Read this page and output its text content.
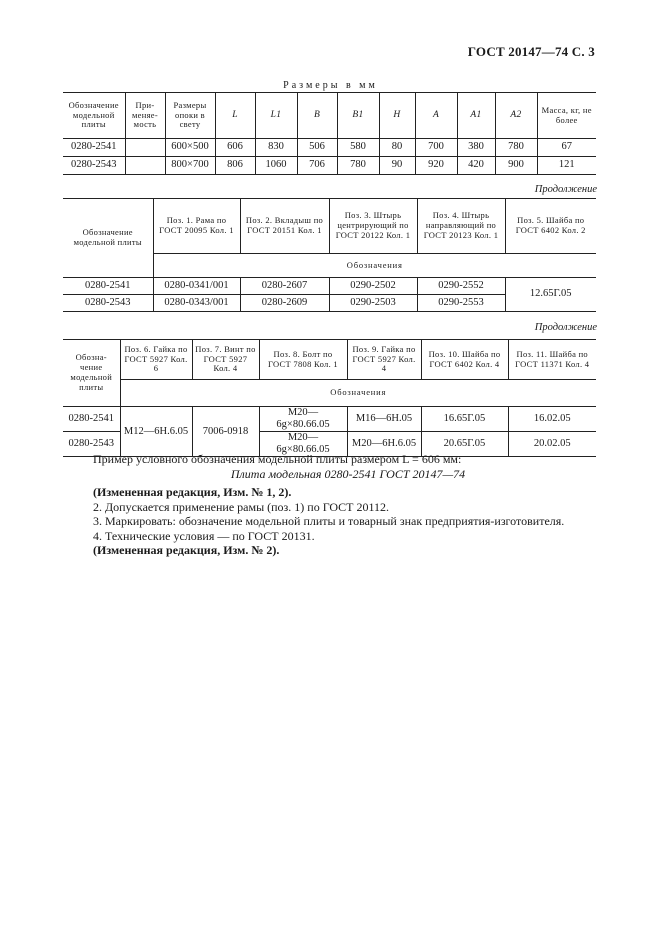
ГОСТ 20147—74 С. 3
Размеры в мм
Обозначение модельной плиты	При-меняе-мость	Размеры опоки в свету	L	L1	B	B1	H	A	A1	A2	Масса, кг, не более
0280-2541		600×500	606	830	506	580	80	700	380	780	67
0280-2543		800×700	806	1060	706	780	90	920	420	900	121
Продолжение
Обозначение модельной плиты	Поз. 1. Рама по ГОСТ 20095 Кол. 1	Поз. 2. Вкладыш по ГОСТ 20151 Кол. 1	Поз. 3. Штырь центрирующий по ГОСТ 20122 Кол. 1	Поз. 4. Штырь направляющий по ГОСТ 20123 Кол. 1	Поз. 5. Шайба по ГОСТ 6402 Кол. 2
	Обозначения				
0280-2541	0280-0341/001	0280-2607	0290-2502	0290-2552	12.65Г.05
0280-2543	0280-0343/001	0280-2609	0290-2503	0290-2553	
Продолжение
Обозна-чение модельной плиты	Поз. 6. Гайка по ГОСТ 5927 Кол. 6	Поз. 7. Винт по ГОСТ 5927 Кол. 4	Поз. 8. Болт по ГОСТ 7808 Кол. 1	Поз. 9. Гайка по ГОСТ 5927 Кол. 4	Поз. 10. Шайба по ГОСТ 6402 Кол. 4	Поз. 11. Шайба по ГОСТ 11371 Кол. 4
	Обозначения					
0280-2541	М12—6Н.6.05	7006-0918	М20—6g×80.66.05	М16—6Н.05	16.65Г.05	16.02.05
0280-2543			М20—6g×80.66.05	М20—6Н.6.05	20.65Г.05	20.02.05

Пример условного обозначения модельной плиты размером L = 606 мм:

Плита модельная 0280-2541 ГОСТ 20147—74

(Измененная редакция, Изм. № 1, 2).

2. Допускается применение рамы (поз. 1) по ГОСТ 20112.

3. Маркировать: обозначение модельной плиты и товарный знак предприятия-изготовителя.

4. Технические условия — по ГОСТ 20131.

(Измененная редакция, Изм. № 2).
